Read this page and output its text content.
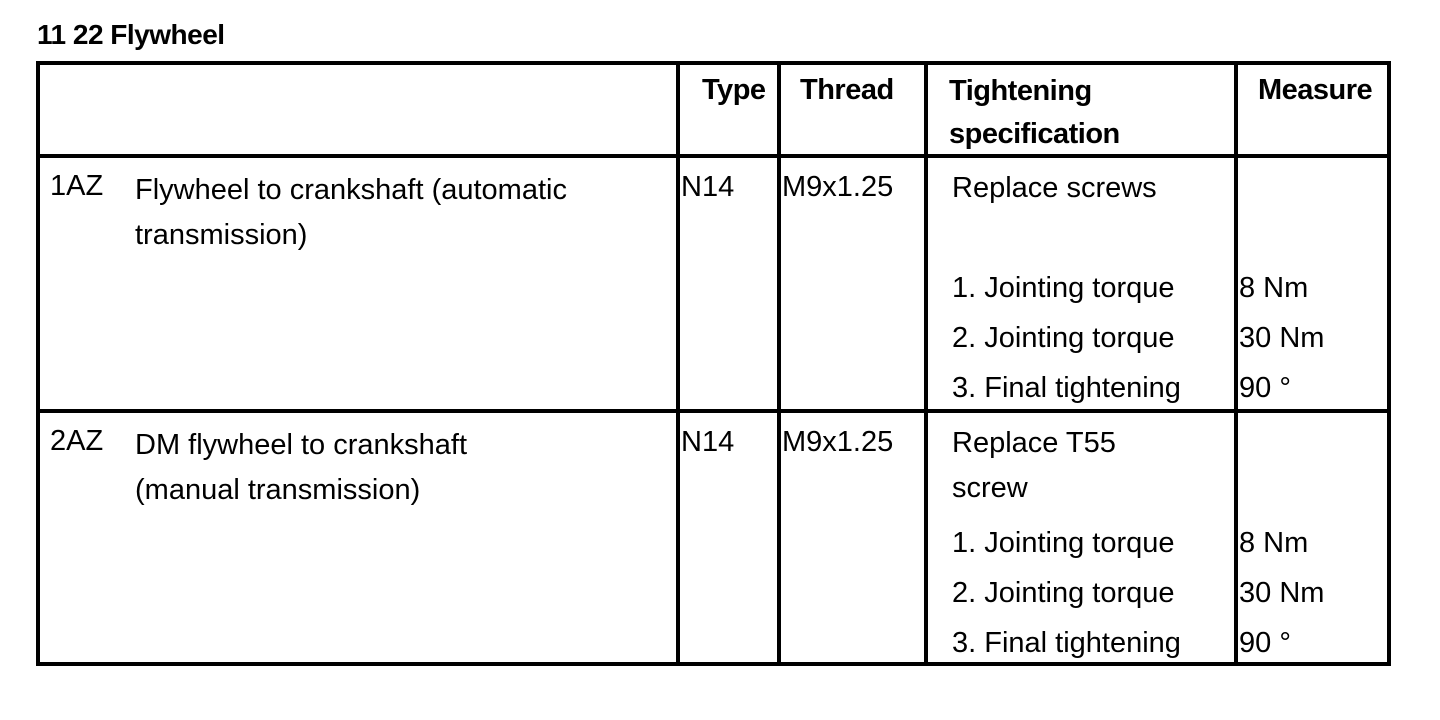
11 22 Flywheel
Type Thread Tightening
specification
Measure
1AZ Flywheel to crankshaft (automatic
transmission)
N14 M9x1.25 Replace screws
1. Jointing torque 8 Nm
2. Jointing torque 30 Nm
3. Final tightening 90 °
2AZ DM flywheel to crankshaft
(manual transmission)
N14 M9x1.25 Replace T55
screw
1. Jointing torque 8 Nm
2. Jointing torque 30 Nm
3. Final tightening 90 °
